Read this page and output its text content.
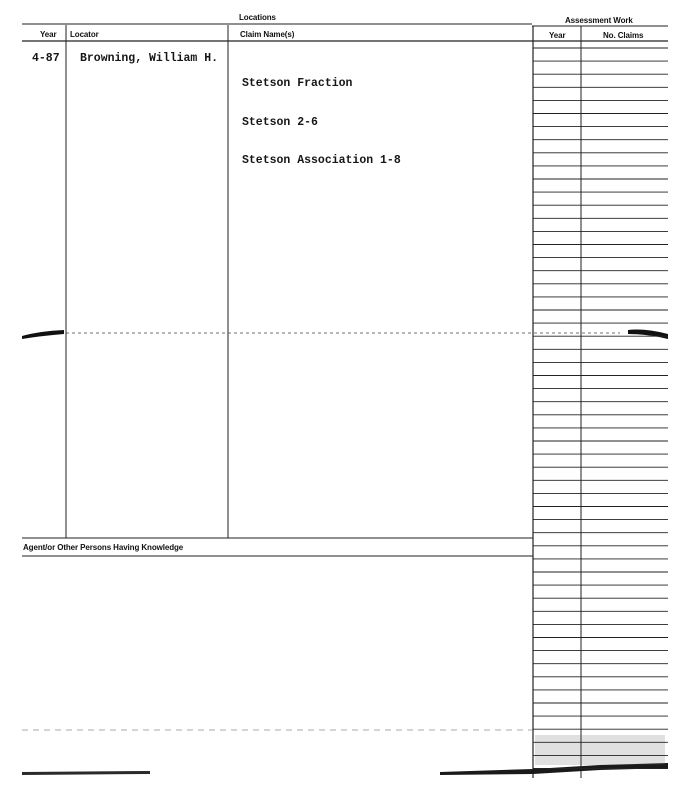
Locations	Assessment Work
Year Locator	Claim Name(s)	Year	No. Claims
4-87 Browning, William H.

Stetson Fraction

Stetson 2-6

Stetson Association 1-8

Agent/or Other Persons Having Knowledge
